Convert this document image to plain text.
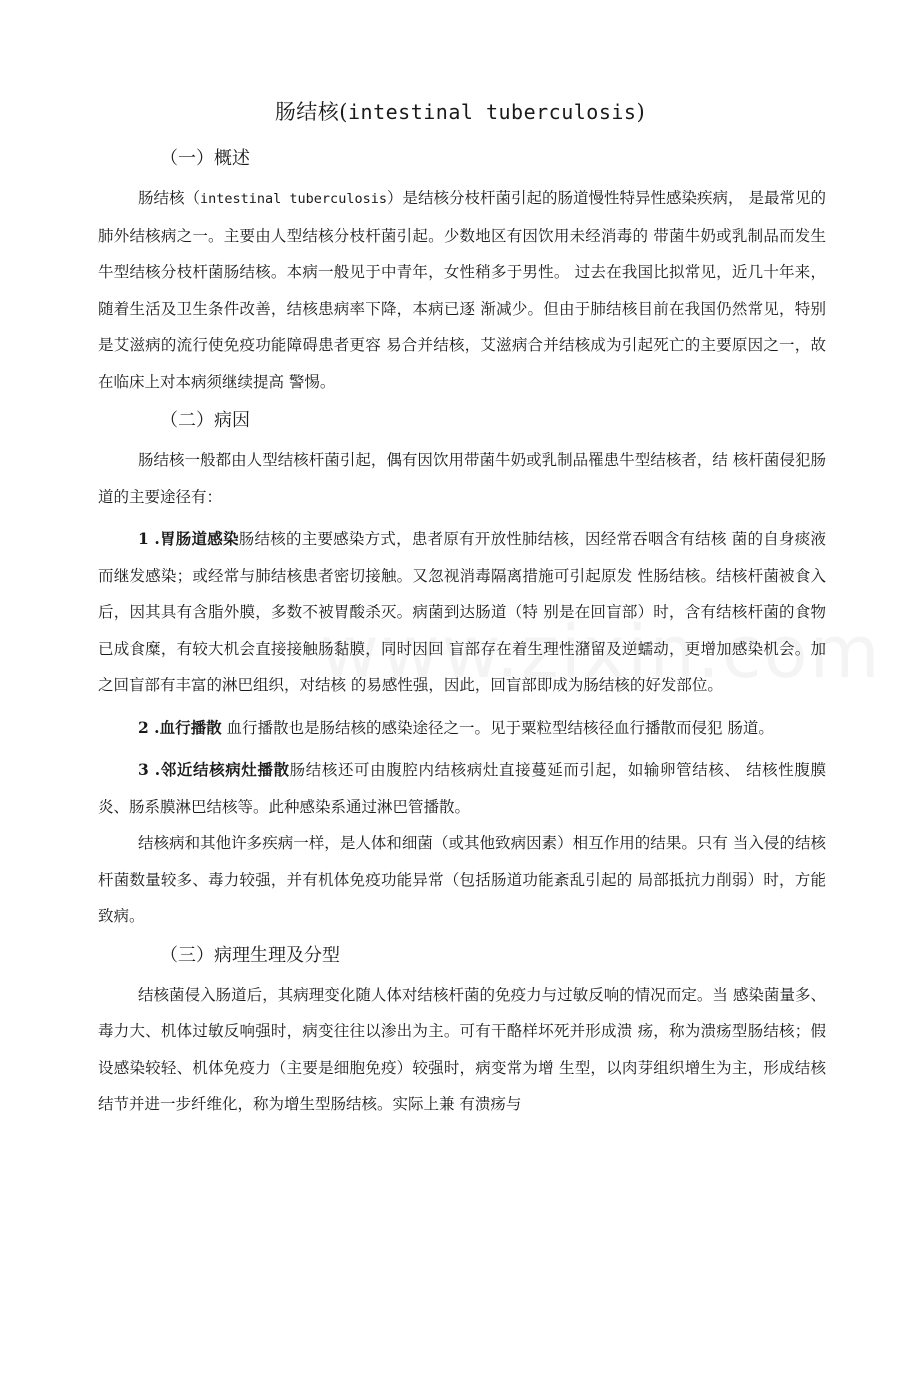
肠结核(intestinal tuberculosis)
（一）概述

肠结核（intestinal tuberculosis）是结核分枝杆菌引起的肠道慢性特异性感染疾病， 是最常见的肺外结核病之一。主要由人型结核分枝杆菌引起。少数地区有因饮用未经消毒的 带菌牛奶或乳制品而发生牛型结核分枝杆菌肠结核。本病一般见于中青年，女性稍多于男性。 过去在我国比拟常见，近几十年来，随着生活及卫生条件改善，结核患病率下降，本病已逐 渐减少。但由于肺结核目前在我国仍然常见，特别是艾滋病的流行使免疫功能障碍患者更容 易合并结核，艾滋病合并结核成为引起死亡的主要原因之一，故在临床上对本病须继续提高 警惕。

（二）病因

肠结核一般都由人型结核杆菌引起，偶有因饮用带菌牛奶或乳制品罹患牛型结核者，结 核杆菌侵犯肠道的主要途径有：

1 .胃肠道感染肠结核的主要感染方式，患者原有开放性肺结核，因经常吞咽含有结核 菌的自身痰液而继发感染；或经常与肺结核患者密切接触。又忽视消毒隔离措施可引起原发 性肠结核。结核杆菌被食入后，因其具有含脂外膜，多数不被胃酸杀灭。病菌到达肠道（特 别是在回盲部）时，含有结核杆菌的食物已成食糜，有较大机会直接接触肠黏膜，同时因回 盲部存在着生理性潴留及逆蠕动，更增加感染机会。加之回盲部有丰富的淋巴组织，对结核 的易感性强，因此，回盲部即成为肠结核的好发部位。

2 .血行播散 血行播散也是肠结核的感染途径之一。见于粟粒型结核径血行播散而侵犯 肠道。

3 .邻近结核病灶播散肠结核还可由腹腔内结核病灶直接蔓延而引起，如输卵管结核、 结核性腹膜炎、肠系膜淋巴结核等。此种感染系通过淋巴管播散。

结核病和其他许多疾病一样，是人体和细菌（或其他致病因素）相互作用的结果。只有 当入侵的结核杆菌数量较多、毒力较强，并有机体免疫功能异常（包括肠道功能紊乱引起的 局部抵抗力削弱）时，方能致病。

（三）病理生理及分型

结核菌侵入肠道后，其病理变化随人体对结核杆菌的免疫力与过敏反响的情况而定。当 感染菌量多、毒力大、机体过敏反响强时，病变往往以渗出为主。可有干酪样坏死并形成溃 疡，称为溃疡型肠结核；假设感染较轻、机体免疫力（主要是细胞免疫）较强时，病变常为增 生型，以肉芽组织增生为主，形成结核结节并进一步纤维化，称为增生型肠结核。实际上兼 有溃疡与
